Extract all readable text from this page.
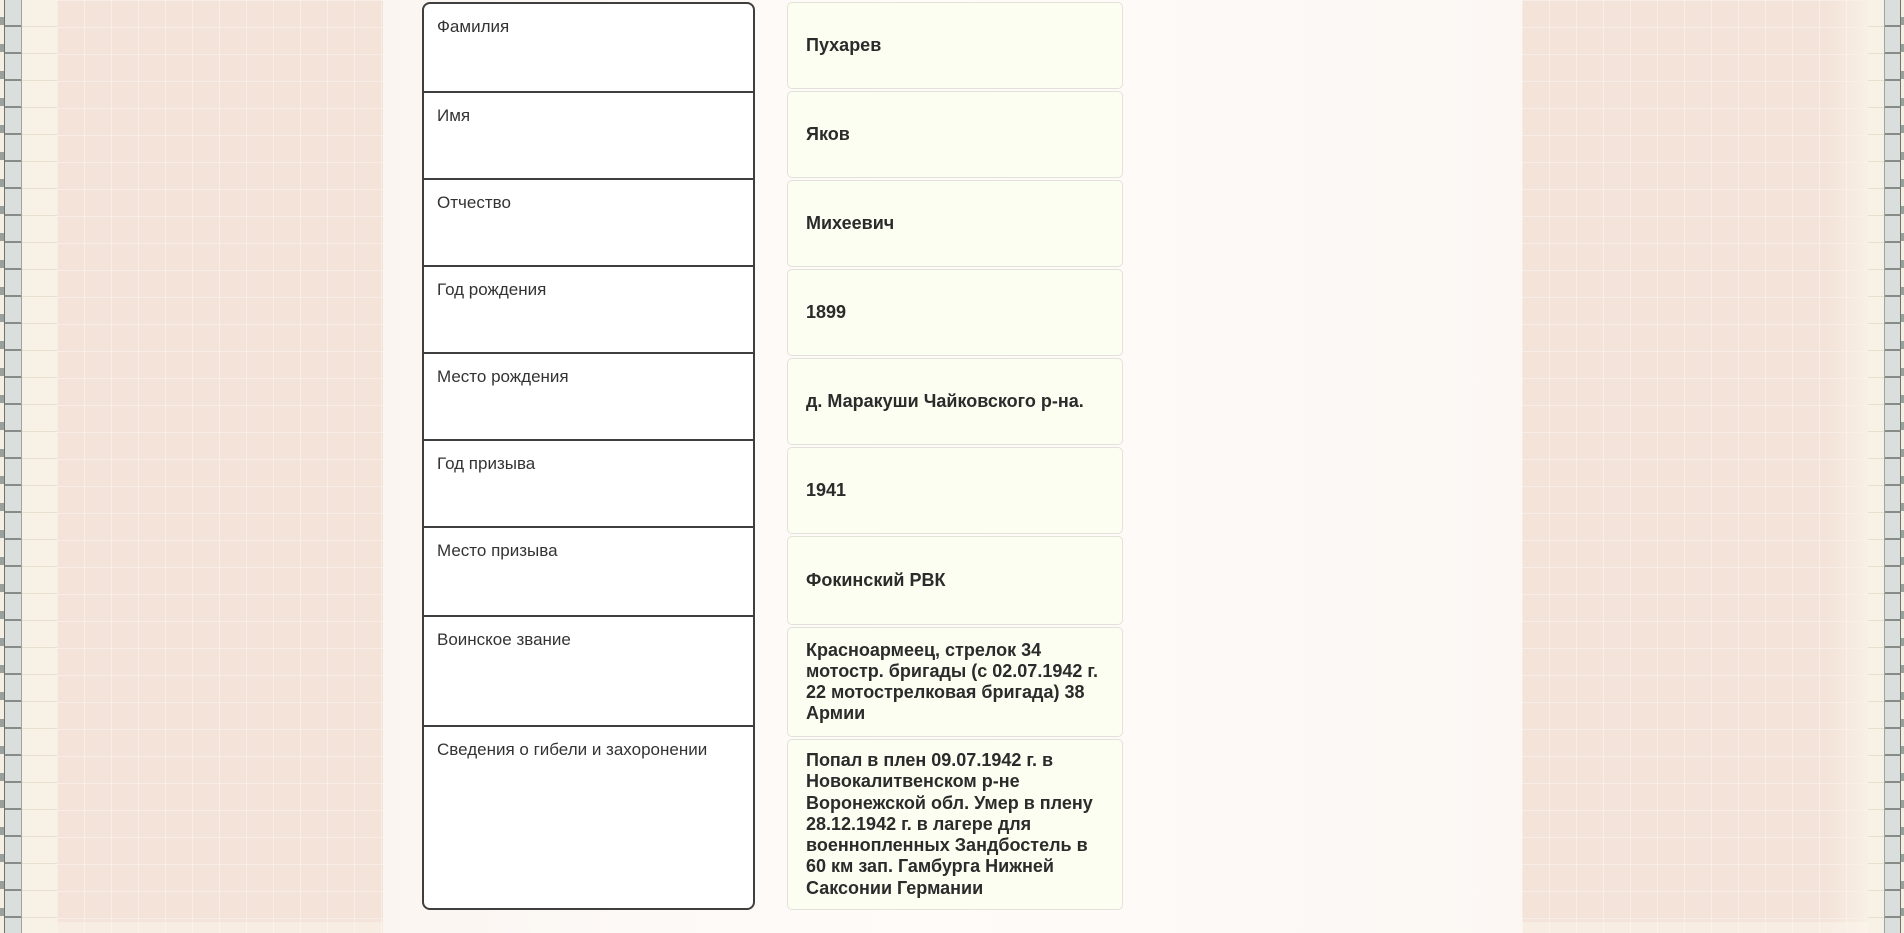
Фамилия
Имя
Отчество
Год рождения
Место рождения
Год призыва
Место призыва
Воинское звание
Сведения о гибели и захоронении
Пухарев
Яков
Михеевич
1899
д. Маракуши Чайковского р-на.
1941
Фокинский РВК
Красноармеец, стрелок 34 мотостр. бригады (с 02.07.1942 г. 22 мотострелковая бригада) 38 Армии
Попал в плен 09.07.1942 г. в Новокалитвенском р-не Воронежской обл. Умер в плену 28.12.1942 г. в лагере для военнопленных Зандбостель в 60 км зап. Гамбурга Нижней Саксонии Германии
